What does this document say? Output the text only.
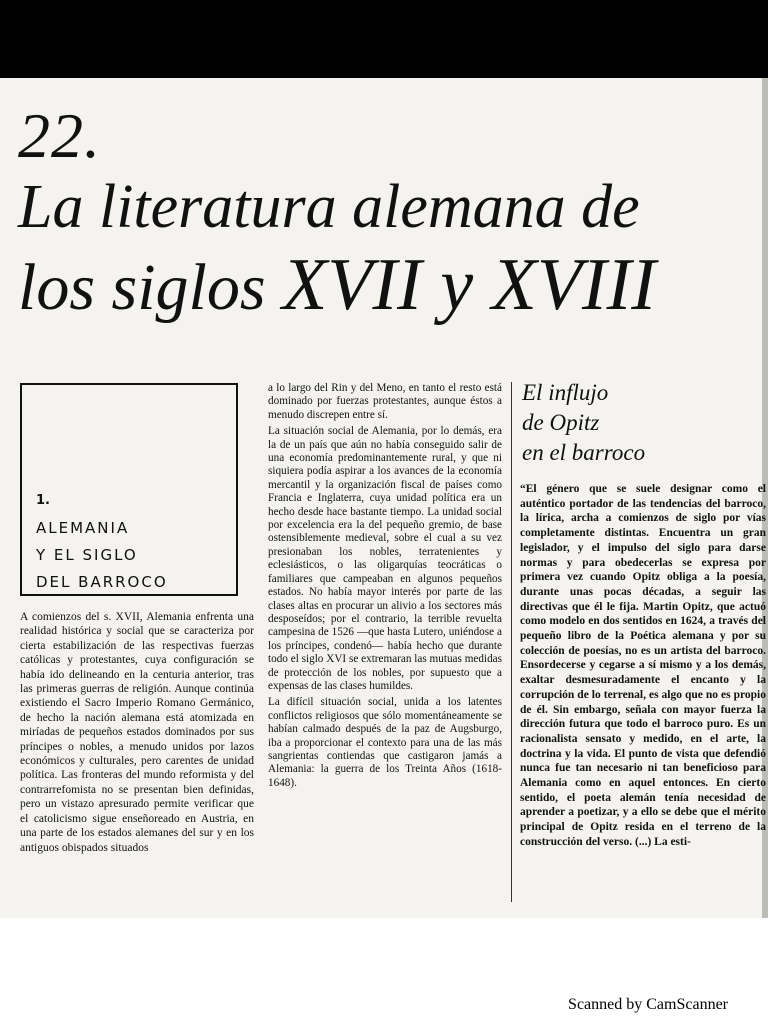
22.
La literatura alemana de
los siglos XVII y XVIII
1.
ALEMANIA
Y EL SIGLO
DEL BARROCO

A comienzos del s. XVII, Alemania enfrenta una realidad histórica y social que se caracteriza por cierta estabilización de las respectivas fuerzas católicas y protestantes, cuya configuración se había ido delineando en la centuria anterior, tras las primeras guerras de religión. Aunque continúa existiendo el Sacro Imperio Romano Germánico, de hecho la nación alemana está atomizada en miríadas de pequeños estados dominados por sus príncipes o nobles, a menudo unidos por lazos económicos y culturales, pero carentes de unidad política. Las fronteras del mundo reformista y del contrarrefomista no se presentan bien definidas, pero un vistazo apresurado permite verificar que el catolicismo sigue enseñoreado en Austria, en una parte de los estados alemanes del sur y en los antiguos obispados situados

a lo largo del Rin y del Meno, en tanto el resto está dominado por fuerzas protestantes, aunque éstos a menudo discrepen entre sí.

La situación social de Alemania, por lo demás, era la de un país que aún no había conseguido salir de una economía predominantemente rural, y que ni siquiera podía aspirar a los avances de la economía mercantil y la organización fiscal de países como Francia e Inglaterra, cuya unidad política era un hecho desde hace bastante tiempo. La unidad social por excelencia era la del pequeño gremio, de base ostensiblemente medieval, sobre el cual a su vez presionaban los nobles, terratenientes y eclesiásticos, o las oligarquías teocráticas o familiares que campeaban en algunos pequeños estados. No había mayor interés por parte de las clases altas en procurar un alivio a los sectores más desposeídos; por el contrario, la terrible revuelta campesina de 1526 —que hasta Lutero, uniéndose a los príncipes, condenó— había hecho que durante todo el siglo XVI se extremaran las mutuas medidas de protección de los nobles, por supuesto que a expensas de las clases humildes.

La difícil situación social, unida a los latentes conflictos religiosos que sólo momentáneamente se habían calmado después de la paz de Augsburgo, iba a proporcionar el contexto para una de las más sangrientas contiendas que castigaron jamás a Alemania: la guerra de los Treinta Años (1618-1648).

El influjo
de Opitz
en el barroco

“El género que se suele designar como el auténtico portador de las tendencias del barroco, la lírica, archa a comienzos de siglo por vías completamente distintas. Encuentra un gran legislador, y el impulso del siglo para darse normas y para obedecerlas se expresa por primera vez cuando Opitz obliga a la poesía, durante unas pocas décadas, a seguir las directivas que él le fija. Martin Opitz, que actuó como modelo en dos sentidos en 1624, a través del pequeño libro de la Poética alemana y por su colección de poesías, no es un artista del barroco. Ensordecerse y cegarse a sí mismo y a los demás, exaltar desmesuradamente el encanto y la corrupción de lo terrenal, es algo que no es propio de él. Sin embargo, señala con mayor fuerza la dirección futura que todo el barroco puro. Es un racionalista sensato y medido, en el arte, la doctrina y la vida. El punto de vista que defendió nunca fue tan necesario ni tan beneficioso para Alemania como en aquel entonces. En cierto sentido, el poeta alemán tenía necesidad de aprender a poetizar, y a ello se debe que el mérito principal de Opitz resida en el terreno de la construcción del verso. (...) La esti-

Scanned by CamScanner
